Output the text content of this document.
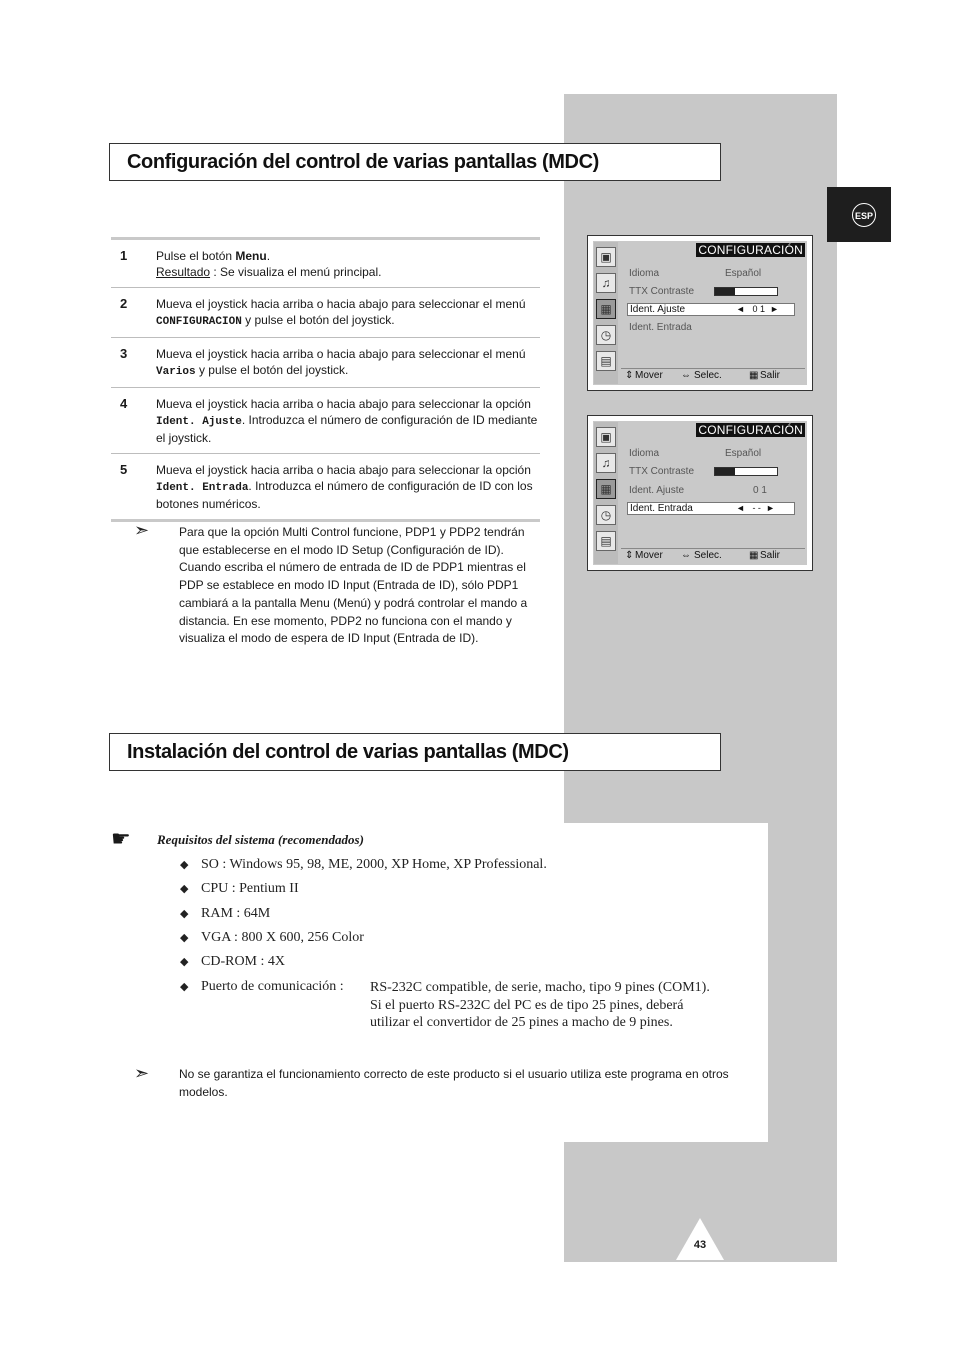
ESP
Configuración del control de varias pantallas (MDC)
1	Pulse el botón Menu.
Resultado : Se visualiza el menú principal.
2	Mueva el joystick hacia arriba o hacia abajo para seleccionar el menú CONFIGURACION y pulse el botón del joystick.
3	Mueva el joystick hacia arriba o hacia abajo para seleccionar el menú Varios y pulse el botón del joystick.
4	Mueva el joystick hacia arriba o hacia abajo para seleccionar la opción Ident. Ajuste. Introduzca el número de configuración de ID mediante el joystick.
5	Mueva el joystick hacia arriba o hacia abajo para seleccionar la opción Ident. Entrada. Introduzca el número de configuración de ID con los botones numéricos.
➣ Para que la opción Multi Control funcione, PDP1 y PDP2 tendrán que establecerse en el modo ID Setup (Configuración de ID). Cuando escriba el número de entrada de ID de PDP1 mientras el PDP se establece en modo ID Input (Entrada de ID), sólo PDP1 cambiará a la pantalla Menu (Menú) y podrá controlar el mando a distancia. En ese momento, PDP2 no funciona con el mando y visualiza el modo de espera de ID Input (Entrada de ID).
▣
♫
▦
◷
▤
CONFIGURACIÓN
Idioma	Español
TTX Contraste
Ident. Ajuste	◄ 0 1 ►
Ident. Entrada
⇕ Mover ⇔ Selec.	▦ Salir
▣
♫
▦
◷
▤
CONFIGURACIÓN
Idioma	Español
TTX Contraste
Ident. Ajuste	0 1
Ident. Entrada	◄ - - ►
⇕ Mover ⇔ Selec.	▦ Salir
Instalación del control de varias pantallas (MDC)
☛ Requisitos del sistema (recomendados)
◆ SO : Windows 95, 98, ME, 2000, XP Home, XP Professional.
◆ CPU : Pentium II
◆ RAM : 64M
◆ VGA : 800 X 600, 256 Color
◆ CD-ROM : 4X
◆ Puerto de comunicación : RS-232C compatible, de serie, macho, tipo 9 pines (COM1).
Si el puerto RS-232C del PC es de tipo 25 pines, deberá
utilizar el convertidor de 25 pines a macho de 9 pines.
➣ No se garantiza el funcionamiento correcto de este producto si el usuario utiliza este programa en otros modelos.
43
